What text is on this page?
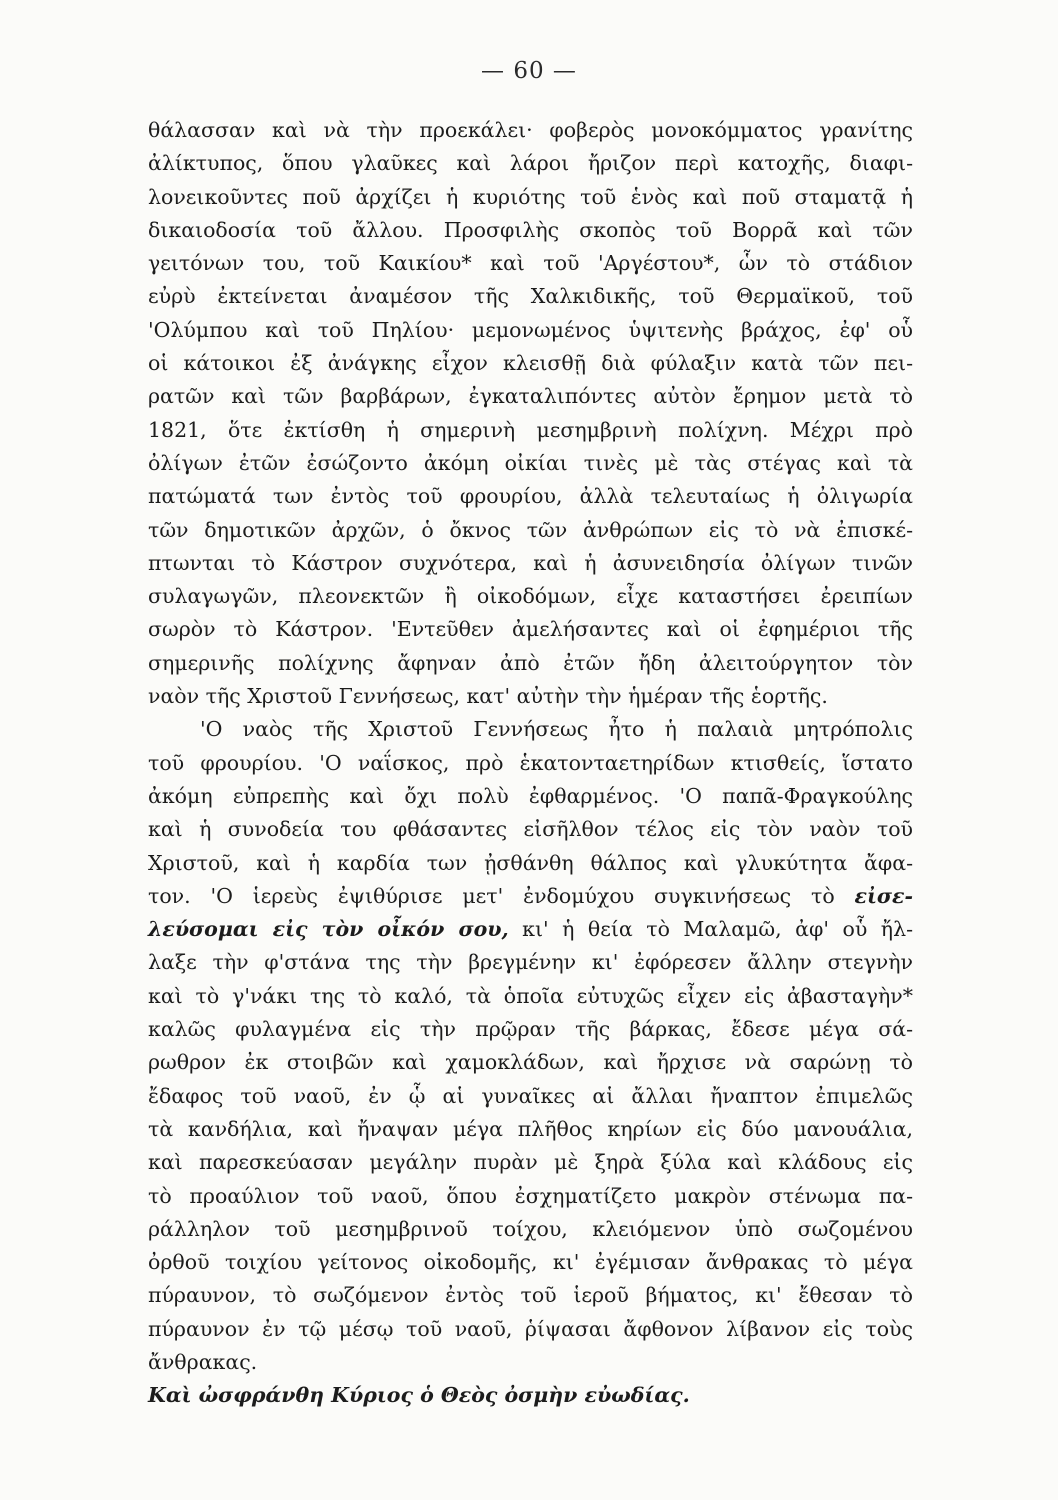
— 60 —
θάλασσαν καὶ νὰ τὴν προεκάλει· φοβερὸς μονοκόμματος γρανίτης
ἀλίκτυπος, ὅπου γλαῦκες καὶ λάροι ἤριζον περὶ κατοχῆς, διαφι-
λονεικοῦντες ποῦ ἀρχίζει ἡ κυριότης τοῦ ἑνὸς καὶ ποῦ σταματᾷ ἡ
δικαιοδοσία τοῦ ἄλλου. Προσφιλὴς σκοπὸς τοῦ Βορρᾶ καὶ τῶν
γειτόνων του, τοῦ Καικίου* καὶ τοῦ 'Αργέστου*, ὧν τὸ στάδιον
εὐρὺ ἐκτείνεται ἀναμέσον τῆς Χαλκιδικῆς, τοῦ Θερμαϊκοῦ, τοῦ
'Ολύμπου καὶ τοῦ Πηλίου· μεμονωμένος ὑψιτενὴς βράχος, ἐφ' οὗ
οἱ κάτοικοι ἐξ ἀνάγκης εἶχον κλεισθῇ διὰ φύλαξιν κατὰ τῶν πει-
ρατῶν καὶ τῶν βαρβάρων, ἐγκαταλιπόντες αὐτὸν ἔρημον μετὰ τὸ
1821, ὅτε ἐκτίσθη ἡ σημερινὴ μεσημβρινὴ πολίχνη. Μέχρι πρὸ
ὀλίγων ἐτῶν ἐσώζοντο ἀκόμη οἰκίαι τινὲς μὲ τὰς στέγας καὶ τὰ
πατώματά των ἐντὸς τοῦ φρουρίου, ἀλλὰ τελευταίως ἡ ὀλιγωρία
τῶν δημοτικῶν ἀρχῶν, ὁ ὄκνος τῶν ἀνθρώπων εἰς τὸ νὰ ἐπισκέ-
πτωνται τὸ Κάστρον συχνότερα, καὶ ἡ ἀσυνειδησία ὀλίγων τινῶν
συλαγωγῶν, πλεονεκτῶν ἢ οἰκοδόμων, εἶχε καταστήσει ἐρειπίων
σωρὸν τὸ Κάστρον. 'Εντεῦθεν ἀμελήσαντες καὶ οἱ ἐφημέριοι τῆς
σημερινῆς πολίχνης ἄφηναν ἀπὸ ἐτῶν ἤδη ἀλειτούργητον τὸν
ναὸν τῆς Χριστοῦ Γεννήσεως, κατ' αὐτὴν τὴν ἡμέραν τῆς ἑορτῆς.
'Ο ναὸς τῆς Χριστοῦ Γεννήσεως ἦτο ἡ παλαιὰ μητρόπολις
τοῦ φρουρίου. 'Ο ναΐσκος, πρὸ ἑκατονταετηρίδων κτισθείς, ἵστατο
ἀκόμη εὐπρεπὴς καὶ ὄχι πολὺ ἐφθαρμένος. 'Ο παπᾶ-Φραγκούλης
καὶ ἡ συνοδεία του φθάσαντες εἰσῆλθον τέλος εἰς τὸν ναὸν τοῦ
Χριστοῦ, καὶ ἡ καρδία των ᾐσθάνθη θάλπος καὶ γλυκύτητα ἄφα-
τον. 'Ο ἱερεὺς ἐψιθύρισε μετ' ἐνδομύχου συγκινήσεως τὸ εἰσε-
λεύσομαι εἰς τὸν οἶκόν σου, κι' ἡ θεία τὸ Μαλαμῶ, ἀφ' οὗ ἤλ-
λαξε τὴν φ'στάνα της τὴν βρεγμένην κι' ἐφόρεσεν ἄλλην στεγνὴν
καὶ τὸ γ'νάκι της τὸ καλό, τὰ ὁποῖα εὐτυχῶς εἶχεν εἰς ἀβασταγὴν*
καλῶς φυλαγμένα εἰς τὴν πρῷραν τῆς βάρκας, ἔδεσε μέγα σά-
ρωθρον ἐκ στοιβῶν καὶ χαμοκλάδων, καὶ ἤρχισε νὰ σαρώνῃ τὸ
ἔδαφος τοῦ ναοῦ, ἐν ᾧ αἱ γυναῖκες αἱ ἄλλαι ἤναπτον ἐπιμελῶς
τὰ κανδήλια, καὶ ἤναψαν μέγα πλῆθος κηρίων εἰς δύο μανουάλια,
καὶ παρεσκεύασαν μεγάλην πυρὰν μὲ ξηρὰ ξύλα καὶ κλάδους εἰς
τὸ προαύλιον τοῦ ναοῦ, ὅπου ἐσχηματίζετο μακρὸν στένωμα πα-
ράλληλον τοῦ μεσημβρινοῦ τοίχου, κλειόμενον ὑπὸ σωζομένου
ὀρθοῦ τοιχίου γείτονος οἰκοδομῆς, κι' ἐγέμισαν ἄνθρακας τὸ μέγα
πύραυνον, τὸ σωζόμενον ἐντὸς τοῦ ἱεροῦ βήματος, κι' ἔθεσαν τὸ
πύραυνον ἐν τῷ μέσῳ τοῦ ναοῦ, ῥίψασαι ἄφθονον λίβανον εἰς τοὺς
ἄνθρακας.
Καὶ ὠσφράνθη Κύριος ὁ Θεὸς ὀσμὴν εὐωδίας.
